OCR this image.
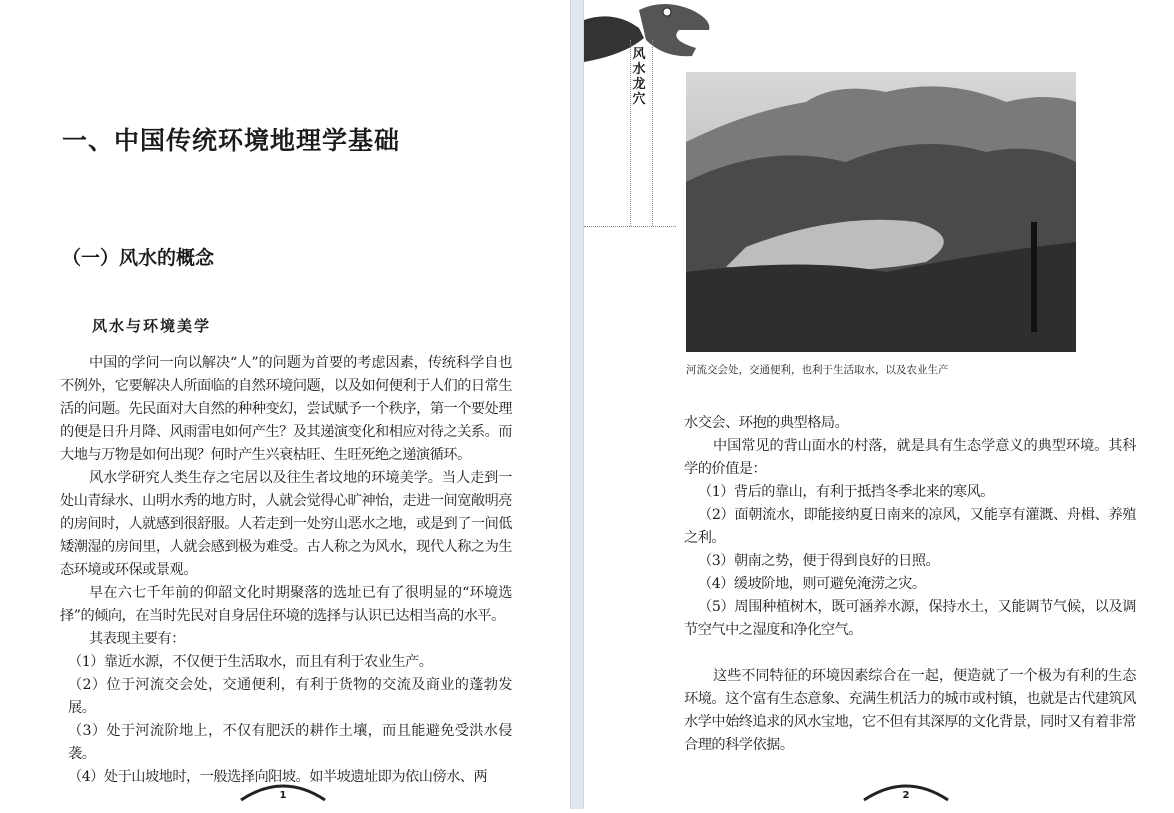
一、中国传统环境地理学基础
（一）风水的概念
风水与环境美学

中国的学问一向以解决“人”的问题为首要的考虑因素，传统科学自也不例外，它要解决人所面临的自然环境问题，以及如何便利于人们的日常生活的问题。先民面对大自然的种种变幻，尝试赋予一个秩序，第一个要处理的便是日升月降、风雨雷电如何产生？及其递演变化和相应对待之关系。而大地与万物是如何出现？何时产生兴衰枯旺、生旺死绝之递演循环。

风水学研究人类生存之宅居以及往生者坟地的环境美学。当人走到一处山青绿水、山明水秀的地方时，人就会觉得心旷神怡，走进一间宽敞明亮的房间时，人就感到很舒服。人若走到一处穷山恶水之地，或是到了一间低矮潮湿的房间里，人就会感到极为难受。古人称之为风水，现代人称之为生态环境或环保或景观。

早在六七千年前的仰韶文化时期聚落的选址已有了很明显的“环境选择”的倾向，在当时先民对自身居住环境的选择与认识已达相当高的水平。

其表现主要有：

（1）靠近水源，不仅便于生活取水，而且有利于农业生产。

（2）位于河流交会处，交通便利，有利于货物的交流及商业的蓬勃发展。

（3）处于河流阶地上，不仅有肥沃的耕作土壤，而且能避免受洪水侵袭。

（4）处于山坡地时，一般选择向阳坡。如半坡遗址即为依山傍水、两

1
风水龙穴
河流交会处，交通便利，也利于生活取水，以及农业生产

水交会、环抱的典型格局。

中国常见的背山面水的村落，就是具有生态学意义的典型环境。其科学的价值是：

（1）背后的靠山，有利于抵挡冬季北来的寒风。

（2）面朝流水，即能接纳夏日南来的凉风，又能享有灌溉、舟楫、养殖之利。

（3）朝南之势，便于得到良好的日照。

（4）缓坡阶地，则可避免淹涝之灾。

（5）周围种植树木，既可涵养水源，保持水土，又能调节气候，以及调节空气中之湿度和净化空气。

这些不同特征的环境因素综合在一起，便造就了一个极为有利的生态环境。这个富有生态意象、充满生机活力的城市或村镇，也就是古代建筑风水学中始终追求的风水宝地，它不但有其深厚的文化背景，同时又有着非常合理的科学依据。

2
